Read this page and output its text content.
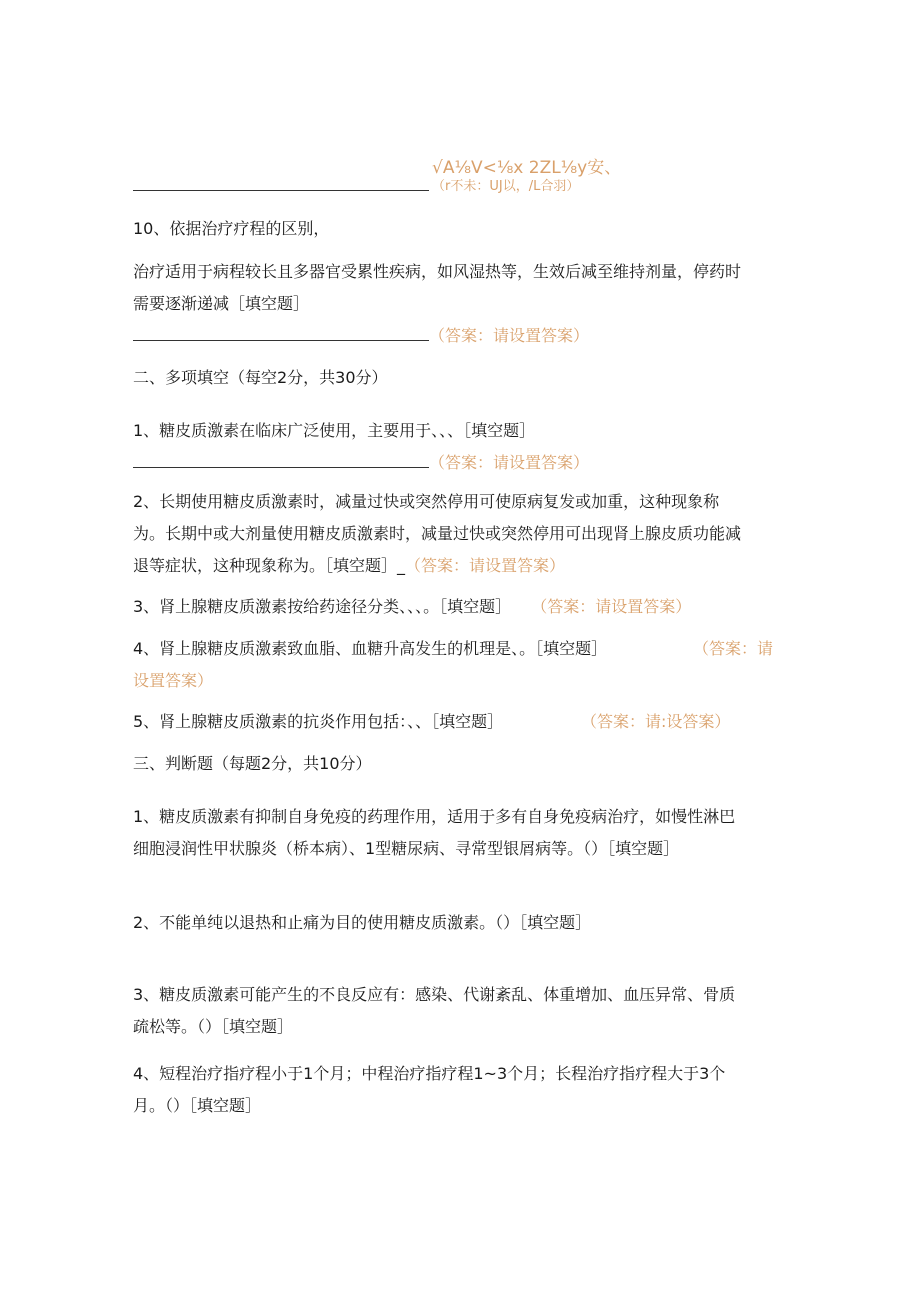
√A⅛V<⅛x 2ZL⅛y安、
（r不未：UJ以，/L合羽）
10、依据治疗疗程的区别，
治疗适用于病程较长且多器官受累性疾病，如风湿热等，生效后减至维持剂量，停药时
需要逐渐递减［填空题］
（答案：请设置答案）
二、多项填空（每空2分，共30分）
1、糖皮质激素在临床广泛使用，主要用于、、、［填空题］
（答案：请设置答案）
2、长期使用糖皮质激素时，减量过快或突然停用可使原病复发或加重，这种现象称
为。长期中或大剂量使用糖皮质激素时，减量过快或突然停用可出现肾上腺皮质功能减
退等症状，这种现象称为。［填空题］_（答案：请设置答案）
3、肾上腺糖皮质激素按给药途径分类、、、。［填空题］ （答案：请设置答案）
4、肾上腺糖皮质激素致血脂、血糖升高发生的机理是、。［填空题］	（答案：请
设置答案）
5、肾上腺糖皮质激素的抗炎作用包括：、、［填空题］	（答案：请:设答案）
三、判断题（每题2分，共10分）
1、糖皮质激素有抑制自身免疫的药理作用，适用于多有自身免疫病治疗，如慢性淋巴
细胞浸润性甲状腺炎（桥本病）、1型糖尿病、寻常型银屑病等。（）［填空题］
2、不能单纯以退热和止痛为目的使用糖皮质激素。（）［填空题］
3、糖皮质激素可能产生的不良反应有：感染、代谢紊乱、体重增加、血压异常、骨质
疏松等。（）［填空题］
4、短程治疗指疗程小于1个月；中程治疗指疗程1~3个月；长程治疗指疗程大于3个
月。（）［填空题］
